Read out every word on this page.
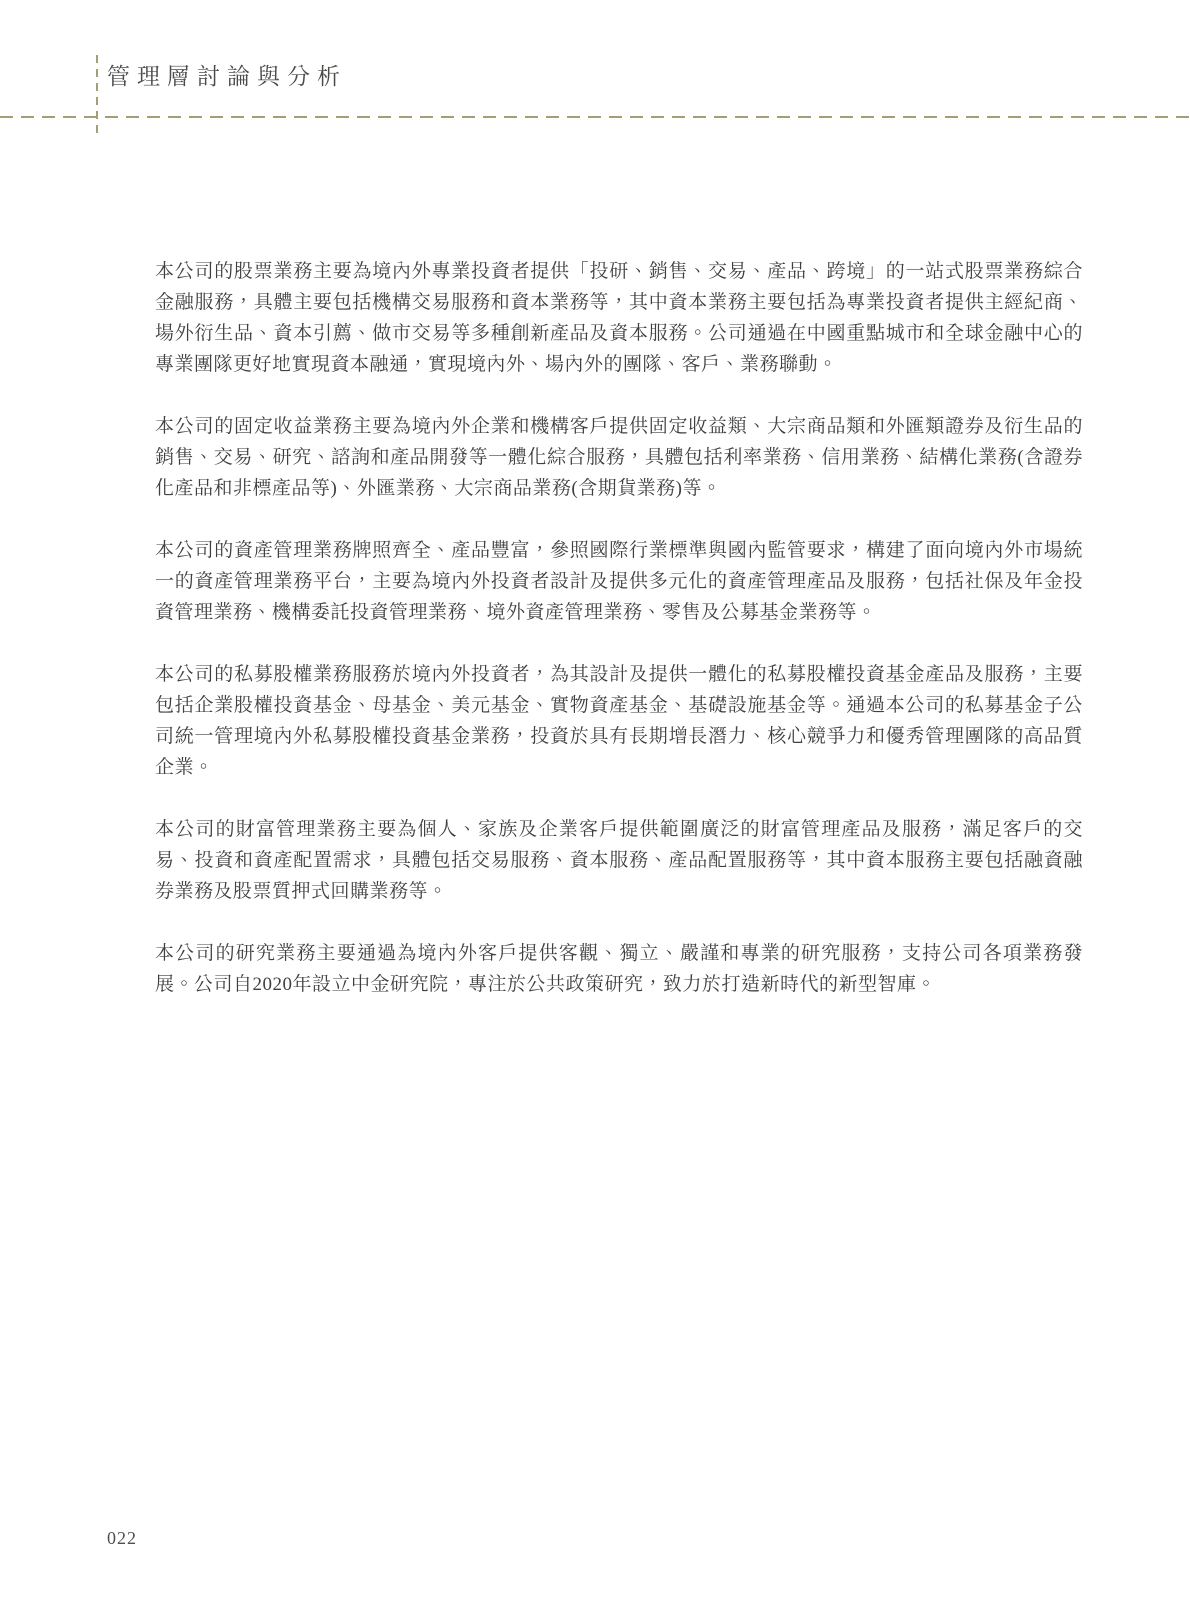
管理層討論與分析

本公司的股票業務主要為境內外專業投資者提供「投研、銷售、交易、產品、跨境」的一站式股票業務綜合金融服務，具體主要包括機構交易服務和資本業務等，其中資本業務主要包括為專業投資者提供主經紀商、場外衍生品、資本引薦、做市交易等多種創新產品及資本服務。公司通過在中國重點城市和全球金融中心的專業團隊更好地實現資本融通，實現境內外、場內外的團隊、客戶、業務聯動。

本公司的固定收益業務主要為境內外企業和機構客戶提供固定收益類、大宗商品類和外匯類證券及衍生品的銷售、交易、研究、諮詢和產品開發等一體化綜合服務，具體包括利率業務、信用業務、結構化業務(含證券化產品和非標產品等)、外匯業務、大宗商品業務(含期貨業務)等。

本公司的資產管理業務牌照齊全、產品豐富，參照國際行業標準與國內監管要求，構建了面向境內外市場統一的資產管理業務平台，主要為境內外投資者設計及提供多元化的資產管理產品及服務，包括社保及年金投資管理業務、機構委託投資管理業務、境外資產管理業務、零售及公募基金業務等。

本公司的私募股權業務服務於境內外投資者，為其設計及提供一體化的私募股權投資基金產品及服務，主要包括企業股權投資基金、母基金、美元基金、實物資產基金、基礎設施基金等。通過本公司的私募基金子公司統一管理境內外私募股權投資基金業務，投資於具有長期增長潛力、核心競爭力和優秀管理團隊的高品質企業。

本公司的財富管理業務主要為個人、家族及企業客戶提供範圍廣泛的財富管理產品及服務，滿足客戶的交易、投資和資產配置需求，具體包括交易服務、資本服務、產品配置服務等，其中資本服務主要包括融資融券業務及股票質押式回購業務等。

本公司的研究業務主要通過為境內外客戶提供客觀、獨立、嚴謹和專業的研究服務，支持公司各項業務發展。公司自2020年設立中金研究院，專注於公共政策研究，致力於打造新時代的新型智庫。

022
